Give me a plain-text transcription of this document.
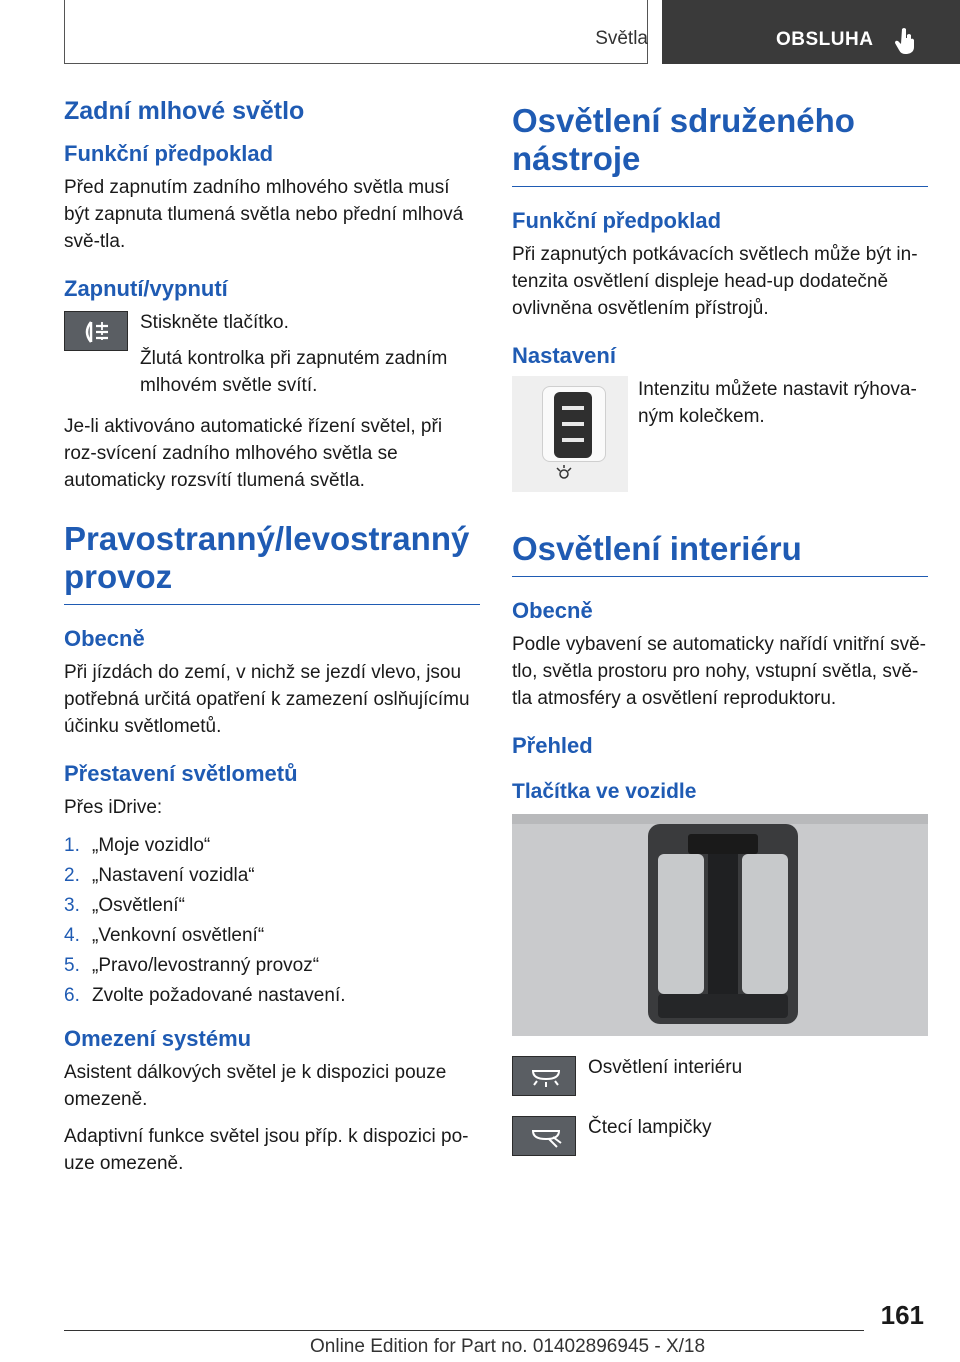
Světla	OBSLUHA
Zadní mlhové světlo
Funkční předpoklad

Před zapnutím zadního mlhového světla musí být zapnuta tlumená světla nebo přední mlhová svě‐tla.

Zapnutí/vypnutí

Stiskněte tlačítko.

Žlutá kontrolka při zapnutém zadním mlhovém světle svítí.

Je-li aktivováno automatické řízení světel, při roz‐svícení zadního mlhového světla se automaticky rozsvítí tlumená světla.

Pravostranný/levostranný provoz
Obecně

Při jízdách do zemí, v nichž se jezdí vlevo, jsou potřebná určitá opatření k zamezení oslňujícímu účinku světlometů.

Přestavení světlometů

Přes iDrive:

1. „Moje vozidlo“
2. „Nastavení vozidla“
3. „Osvětlení“
4. „Venkovní osvětlení“
5. „Pravo/levostranný provoz“
6. Zvolte požadované nastavení.
Omezení systému

Asistent dálkových světel je k dispozici pouze omezeně.

Adaptivní funkce světel jsou příp. k dispozici po‐uze omezeně.

Osvětlení sdruženého nástroje
Funkční předpoklad

Při zapnutých potkávacích světlech může být in‐tenzita osvětlení displeje head-up dodatečně ovlivněna osvětlením přístrojů.

Nastavení

Intenzitu můžete nastavit rýhova‐ným kolečkem.

Osvětlení interiéru
Obecně

Podle vybavení se automaticky nařídí vnitřní svě‐tlo, světla prostoru pro nohy, vstupní světla, svě‐tla atmosféry a osvětlení reproduktoru.

Přehled
Tlačítka ve vozidle
Osvětlení interiéru
Čtecí lampičky
161
Online Edition for Part no. 01402896945 - X/18
